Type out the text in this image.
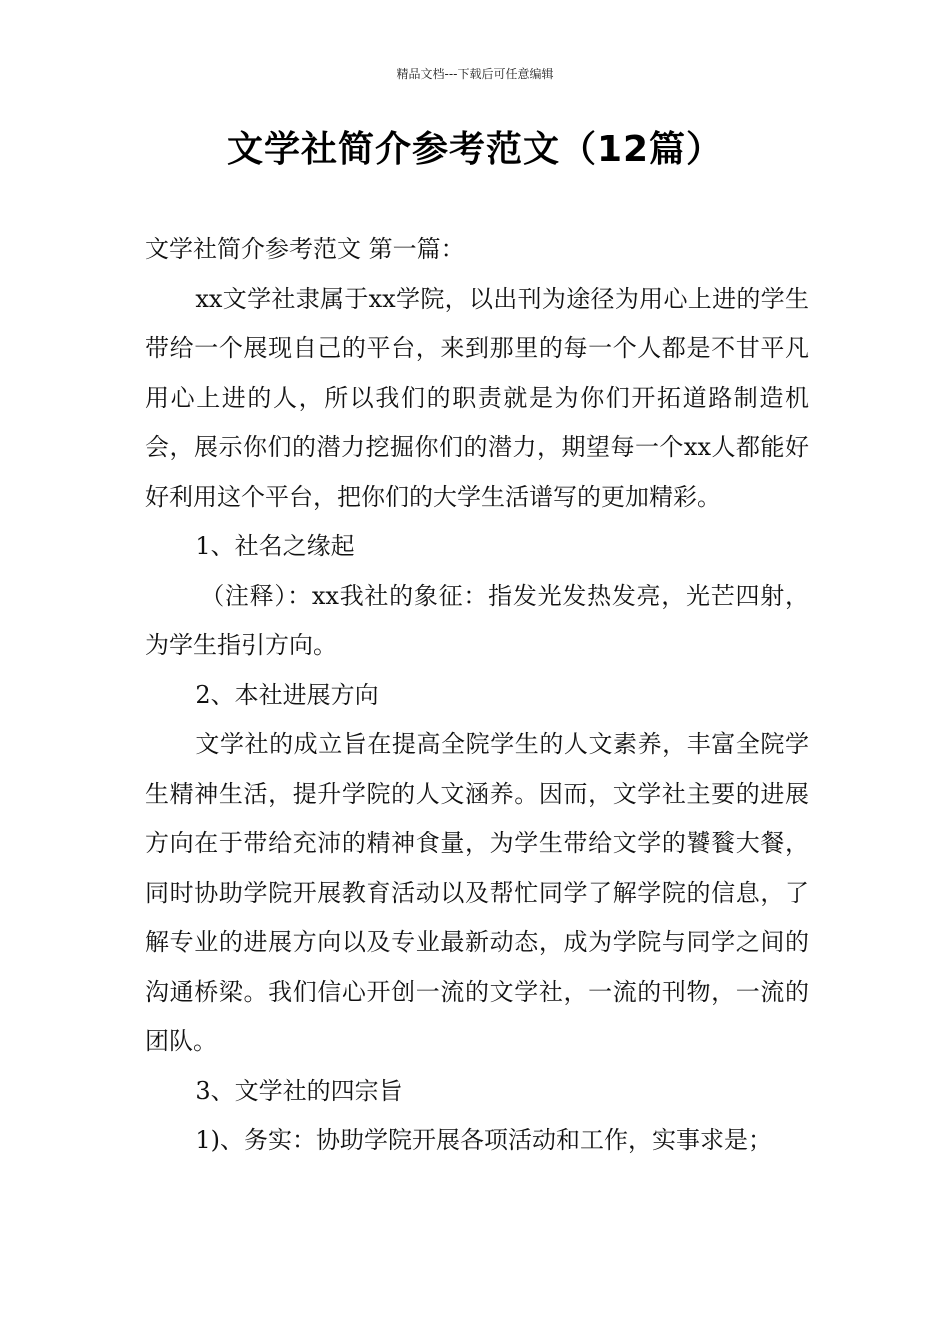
精品文档---下载后可任意编辑
文学社简介参考范文（12篇）

文学社简介参考范文 第一篇：

xx文学社隶属于xx学院，以出刊为途径为用心上进的学生带给一个展现自己的平台，来到那里的每一个人都是不甘平凡用心上进的人，所以我们的职责就是为你们开拓道路制造机会，展示你们的潜力挖掘你们的潜力，期望每一个xx人都能好好利用这个平台，把你们的大学生活谱写的更加精彩。

1、社名之缘起

（注释）：xx我社的象征：指发光发热发亮，光芒四射，为学生指引方向。

2、本社进展方向

文学社的成立旨在提高全院学生的人文素养，丰富全院学生精神生活，提升学院的人文涵养。因而，文学社主要的进展方向在于带给充沛的精神食量，为学生带给文学的饕餮大餐，同时协助学院开展教育活动以及帮忙同学了解学院的信息，了解专业的进展方向以及专业最新动态，成为学院与同学之间的沟通桥梁。我们信心开创一流的文学社，一流的刊物，一流的团队。

3、文学社的四宗旨

1)、务实：协助学院开展各项活动和工作，实事求是；
